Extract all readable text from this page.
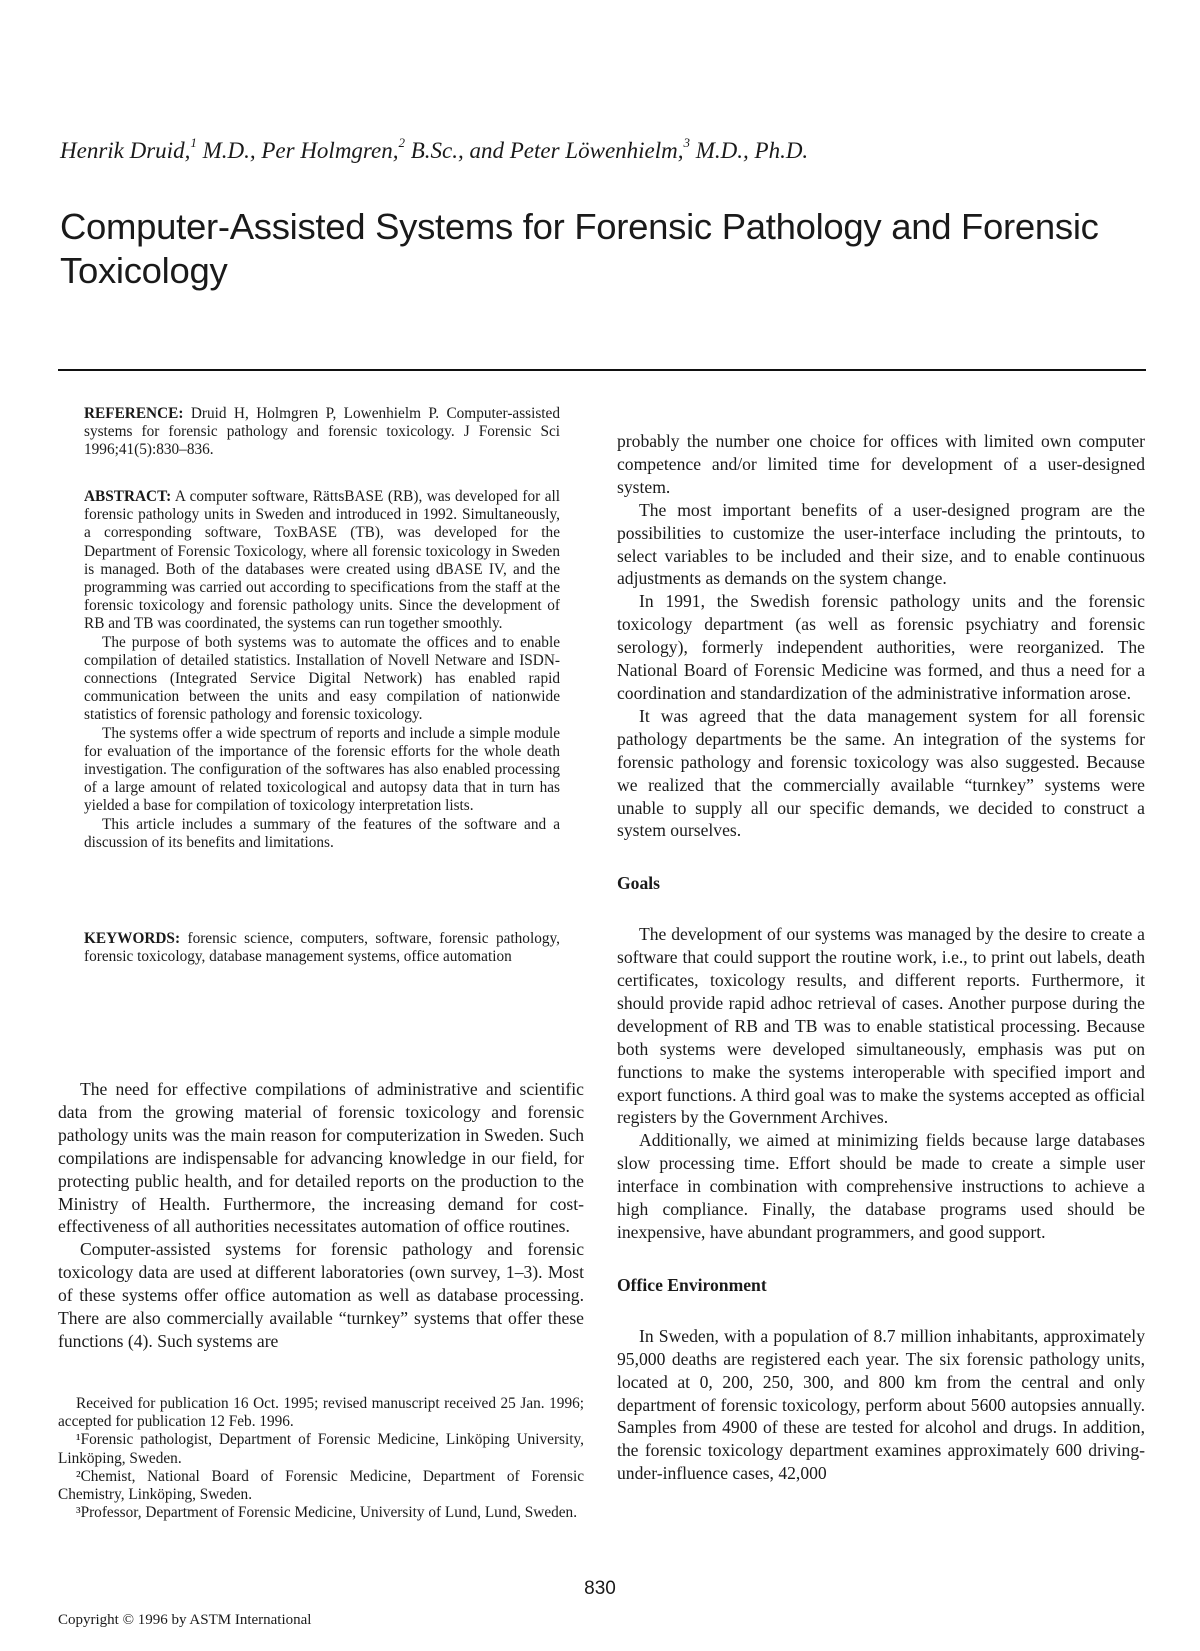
Henrik Druid,$^1$ M.D., Per Holmgren,$^2$ B.Sc., and Peter Löwenhielm,$^3$ M.D., Ph.D.
Computer-Assisted Systems for Forensic Pathology and Forensic Toxicology

REFERENCE: Druid H, Holmgren P, Lowenhielm P. Computer-assisted systems for forensic pathology and forensic toxicology. J Forensic Sci 1996;41(5):830–836.

ABSTRACT: A computer software, RättsBASE (RB), was developed for all forensic pathology units in Sweden and introduced in 1992. Simultaneously, a corresponding software, ToxBASE (TB), was developed for the Department of Forensic Toxicology, where all forensic toxicology in Sweden is managed. Both of the databases were created using dBASE IV, and the programming was carried out according to specifications from the staff at the forensic toxicology and forensic pathology units. Since the development of RB and TB was coordinated, the systems can run together smoothly.

The purpose of both systems was to automate the offices and to enable compilation of detailed statistics. Installation of Novell Netware and ISDN-connections (Integrated Service Digital Network) has enabled rapid communication between the units and easy compilation of nationwide statistics of forensic pathology and forensic toxicology.

The systems offer a wide spectrum of reports and include a simple module for evaluation of the importance of the forensic efforts for the whole death investigation. The configuration of the softwares has also enabled processing of a large amount of related toxicological and autopsy data that in turn has yielded a base for compilation of toxicology interpretation lists.

This article includes a summary of the features of the software and a discussion of its benefits and limitations.

KEYWORDS: forensic science, computers, software, forensic pathology, forensic toxicology, database management systems, office automation

The need for effective compilations of administrative and scientific data from the growing material of forensic toxicology and forensic pathology units was the main reason for computerization in Sweden. Such compilations are indispensable for advancing knowledge in our field, for protecting public health, and for detailed reports on the production to the Ministry of Health. Furthermore, the increasing demand for cost-effectiveness of all authorities necessitates automation of office routines.

Computer-assisted systems for forensic pathology and forensic toxicology data are used at different laboratories (own survey, 1–3). Most of these systems offer office automation as well as database processing. There are also commercially available “turnkey” systems that offer these functions (4). Such systems are

Received for publication 16 Oct. 1995; revised manuscript received 25 Jan. 1996; accepted for publication 12 Feb. 1996.

¹Forensic pathologist, Department of Forensic Medicine, Linköping University, Linköping, Sweden.

²Chemist, National Board of Forensic Medicine, Department of Forensic Chemistry, Linköping, Sweden.

³Professor, Department of Forensic Medicine, University of Lund, Lund, Sweden.

probably the number one choice for offices with limited own computer competence and/or limited time for development of a user-designed system.

The most important benefits of a user-designed program are the possibilities to customize the user-interface including the printouts, to select variables to be included and their size, and to enable continuous adjustments as demands on the system change.

In 1991, the Swedish forensic pathology units and the forensic toxicology department (as well as forensic psychiatry and forensic serology), formerly independent authorities, were reorganized. The National Board of Forensic Medicine was formed, and thus a need for a coordination and standardization of the administrative information arose.

It was agreed that the data management system for all forensic pathology departments be the same. An integration of the systems for forensic pathology and forensic toxicology was also suggested. Because we realized that the commercially available “turnkey” systems were unable to supply all our specific demands, we decided to construct a system ourselves.

Goals

The development of our systems was managed by the desire to create a software that could support the routine work, i.e., to print out labels, death certificates, toxicology results, and different reports. Furthermore, it should provide rapid adhoc retrieval of cases. Another purpose during the development of RB and TB was to enable statistical processing. Because both systems were developed simultaneously, emphasis was put on functions to make the systems interoperable with specified import and export functions. A third goal was to make the systems accepted as official registers by the Government Archives.

Additionally, we aimed at minimizing fields because large databases slow processing time. Effort should be made to create a simple user interface in combination with comprehensive instructions to achieve a high compliance. Finally, the database programs used should be inexpensive, have abundant programmers, and good support.

Office Environment

In Sweden, with a population of 8.7 million inhabitants, approximately 95,000 deaths are registered each year. The six forensic pathology units, located at 0, 200, 250, 300, and 800 km from the central and only department of forensic toxicology, perform about 5600 autopsies annually. Samples from 4900 of these are tested for alcohol and drugs. In addition, the forensic toxicology department examines approximately 600 driving-under-influence cases, 42,000

830
Copyright © 1996 by ASTM International
